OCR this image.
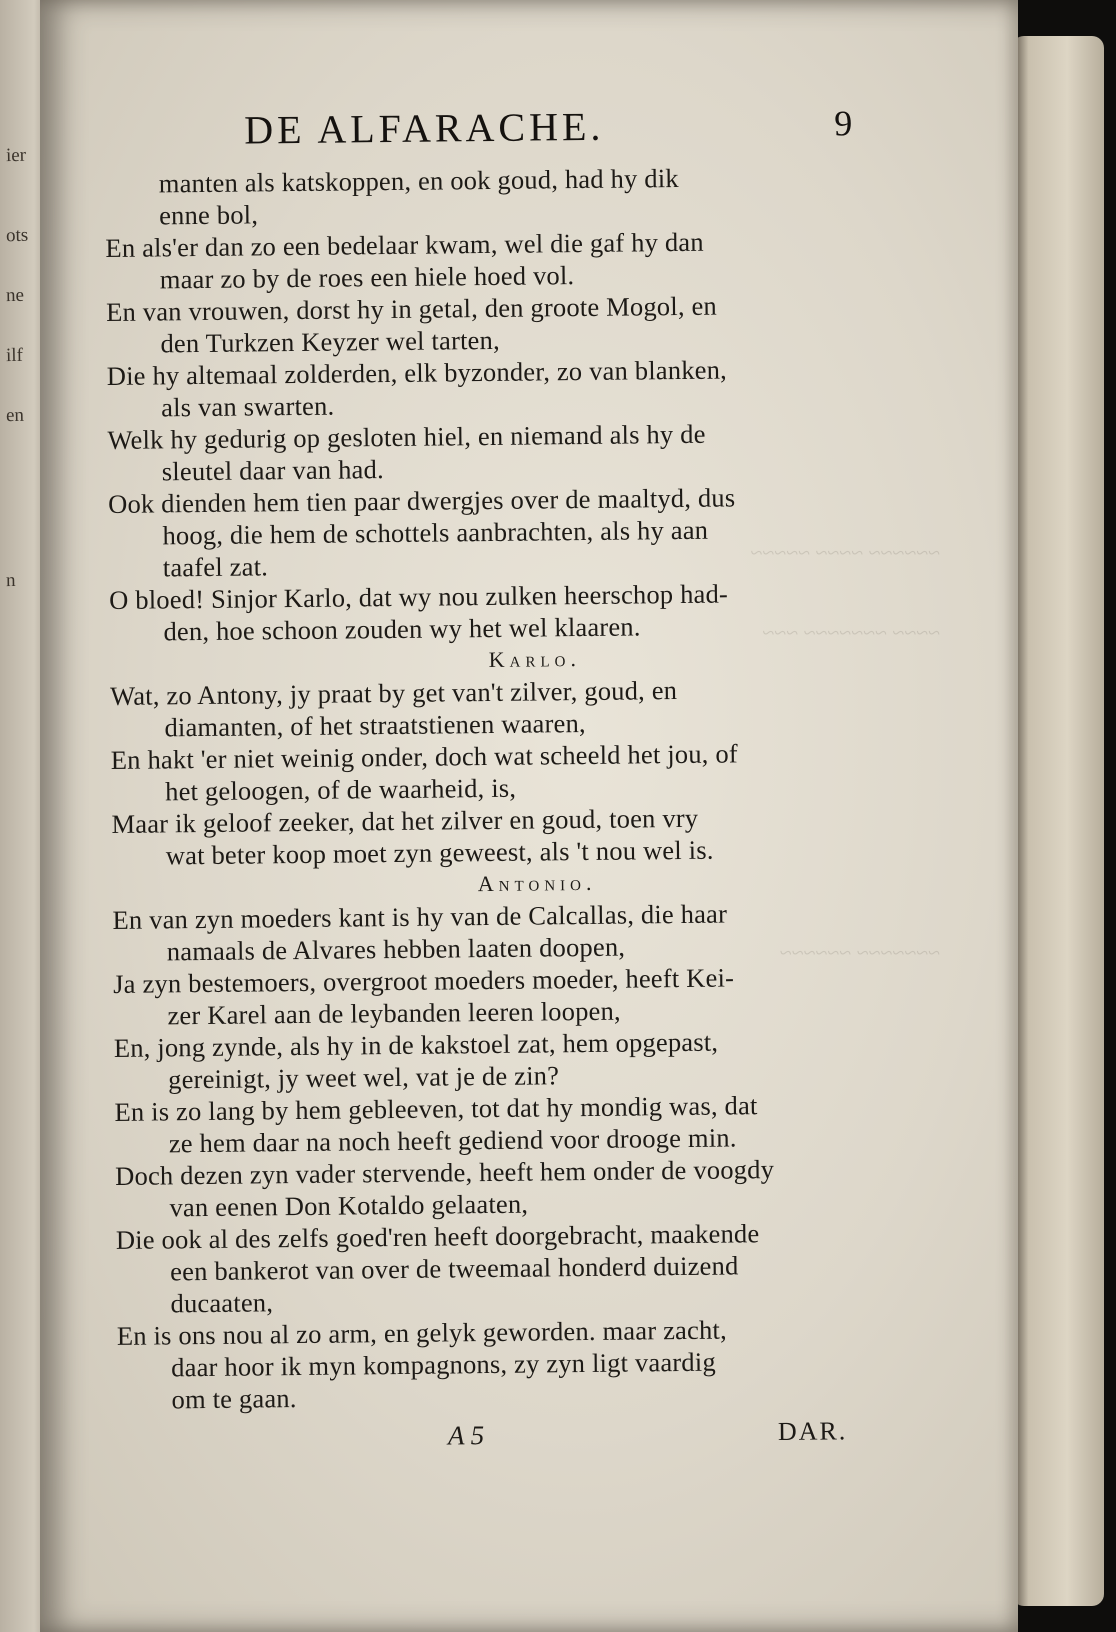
ier
ots
ne
ilf
en
n
~~~~~~ ~~~~ ~~~~~
~~~~ ~~~~~~~ ~~~
~~~~~~~ ~~~~~~
DE ALFARACHE.	9
manten als katskoppen, en ook goud, had hy dik
enne bol,
En als'er dan zo een bedelaar kwam, wel die gaf hy dan
maar zo by de roes een hiele hoed vol.
En van vrouwen, dorst hy in getal, den groote Mogol, en
den Turkzen Keyzer wel tarten,
Die hy altemaal zolderden, elk byzonder, zo van blanken,
als van swarten.
Welk hy gedurig op gesloten hiel, en niemand als hy de
sleutel daar van had.
Ook dienden hem tien paar dwergjes over de maaltyd, dus
hoog, die hem de schottels aanbrachten, als hy aan
taafel zat.
O bloed! Sinjor Karlo, dat wy nou zulken heerschop had-
den, hoe schoon zouden wy het wel klaaren.
Karlo.
Wat, zo Antony, jy praat by get van't zilver, goud, en
diamanten, of het straatstienen waaren,
En hakt 'er niet weinig onder, doch wat scheeld het jou, of
het geloogen, of de waarheid, is,
Maar ik geloof zeeker, dat het zilver en goud, toen vry
wat beter koop moet zyn geweest, als 't nou wel is.
Antonio.
En van zyn moeders kant is hy van de Calcallas, die haar
namaals de Alvares hebben laaten doopen,
Ja zyn bestemoers, overgroot moeders moeder, heeft Kei-
zer Karel aan de leybanden leeren loopen,
En, jong zynde, als hy in de kakstoel zat, hem opgepast,
gereinigt, jy weet wel, vat je de zin?
En is zo lang by hem gebleeven, tot dat hy mondig was, dat
ze hem daar na noch heeft gediend voor drooge min.
Doch dezen zyn vader stervende, heeft hem onder de voogdy
van eenen Don Kotaldo gelaaten,
Die ook al des zelfs goed'ren heeft doorgebracht, maakende
een bankerot van over de tweemaal honderd duizend
ducaaten,
En is ons nou al zo arm, en gelyk geworden. maar zacht,
daar hoor ik myn kompagnons, zy zyn ligt vaardig
om te gaan.
A 5	DAR.
